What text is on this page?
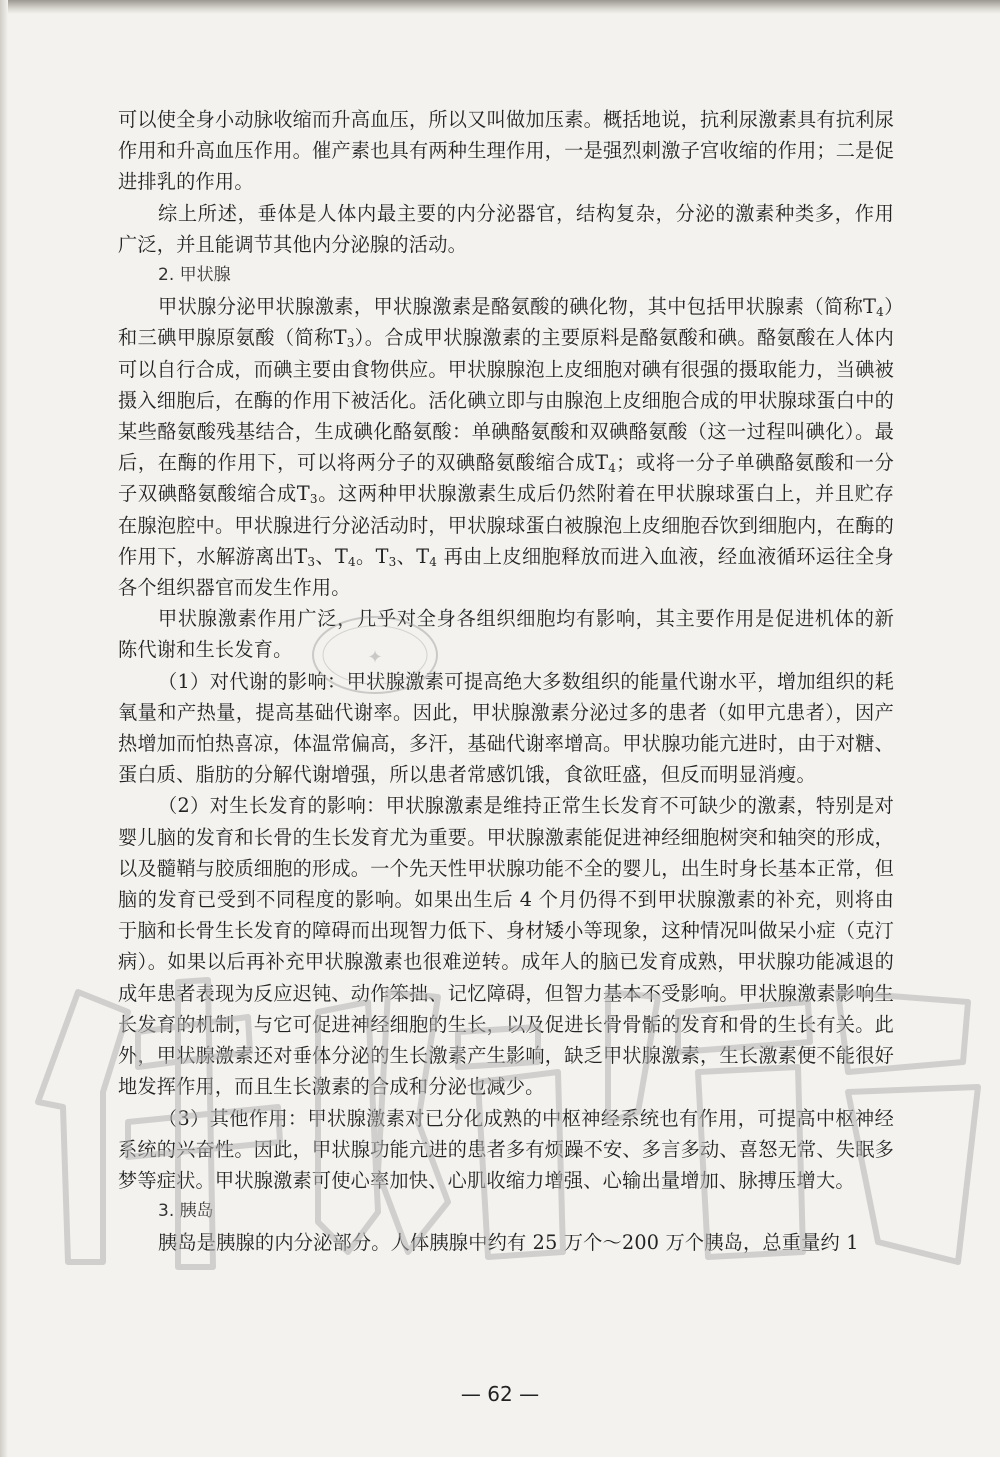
可以使全身小动脉收缩而升高血压，所以又叫做加压素。概括地说，抗利尿激素具有抗利尿作用和升高血压作用。催产素也具有两种生理作用，一是强烈刺激子宫收缩的作用；二是促进排乳的作用。

综上所述，垂体是人体内最主要的内分泌器官，结构复杂，分泌的激素种类多，作用广泛，并且能调节其他内分泌腺的活动。

2. 甲状腺

甲状腺分泌甲状腺激素，甲状腺激素是酪氨酸的碘化物，其中包括甲状腺素（简称$T_4$）和三碘甲腺原氨酸（简称$T_3$）。合成甲状腺激素的主要原料是酪氨酸和碘。酪氨酸在人体内可以自行合成，而碘主要由食物供应。甲状腺腺泡上皮细胞对碘有很强的摄取能力，当碘被摄入细胞后，在酶的作用下被活化。活化碘立即与由腺泡上皮细胞合成的甲状腺球蛋白中的某些酪氨酸残基结合，生成碘化酪氨酸：单碘酪氨酸和双碘酪氨酸（这一过程叫碘化）。最后，在酶的作用下，可以将两分子的双碘酪氨酸缩合成$T_4$；或将一分子单碘酪氨酸和一分子双碘酪氨酸缩合成$T_3$。这两种甲状腺激素生成后仍然附着在甲状腺球蛋白上，并且贮存在腺泡腔中。甲状腺进行分泌活动时，甲状腺球蛋白被腺泡上皮细胞吞饮到细胞内，在酶的作用下，水解游离出$T_3$、$T_4$。$T_3$、$T_4$ 再由上皮细胞释放而进入血液，经血液循环运往全身各个组织器官而发生作用。

甲状腺激素作用广泛，几乎对全身各组织细胞均有影响，其主要作用是促进机体的新陈代谢和生长发育。

（1）对代谢的影响：甲状腺激素可提高绝大多数组织的能量代谢水平，增加组织的耗氧量和产热量，提高基础代谢率。因此，甲状腺激素分泌过多的患者（如甲亢患者），因产热增加而怕热喜凉，体温常偏高，多汗，基础代谢率增高。甲状腺功能亢进时，由于对糖、蛋白质、脂肪的分解代谢增强，所以患者常感饥饿，食欲旺盛，但反而明显消瘦。

（2）对生长发育的影响：甲状腺激素是维持正常生长发育不可缺少的激素，特别是对婴儿脑的发育和长骨的生长发育尤为重要。甲状腺激素能促进神经细胞树突和轴突的形成，以及髓鞘与胶质细胞的形成。一个先天性甲状腺功能不全的婴儿，出生时身长基本正常，但脑的发育已受到不同程度的影响。如果出生后 4 个月仍得不到甲状腺激素的补充，则将由于脑和长骨生长发育的障碍而出现智力低下、身材矮小等现象，这种情况叫做呆小症（克汀病）。如果以后再补充甲状腺激素也很难逆转。成年人的脑已发育成熟，甲状腺功能减退的成年患者表现为反应迟钝、动作笨拙、记忆障碍，但智力基本不受影响。甲状腺激素影响生长发育的机制，与它可促进神经细胞的生长，以及促进长骨骨骺的发育和骨的生长有关。此外，甲状腺激素还对垂体分泌的生长激素产生影响，缺乏甲状腺激素，生长激素便不能很好地发挥作用，而且生长激素的合成和分泌也减少。

（3）其他作用：甲状腺激素对已分化成熟的中枢神经系统也有作用，可提高中枢神经系统的兴奋性。因此，甲状腺功能亢进的患者多有烦躁不安、多言多动、喜怒无常、失眠多梦等症状。甲状腺激素可使心率加快、心肌收缩力增强、心输出量增加、脉搏压增大。

3. 胰岛

胰岛是胰腺的内分泌部分。人体胰腺中约有 25 万个～200 万个胰岛，总重量约 1

— 62 —
✦
